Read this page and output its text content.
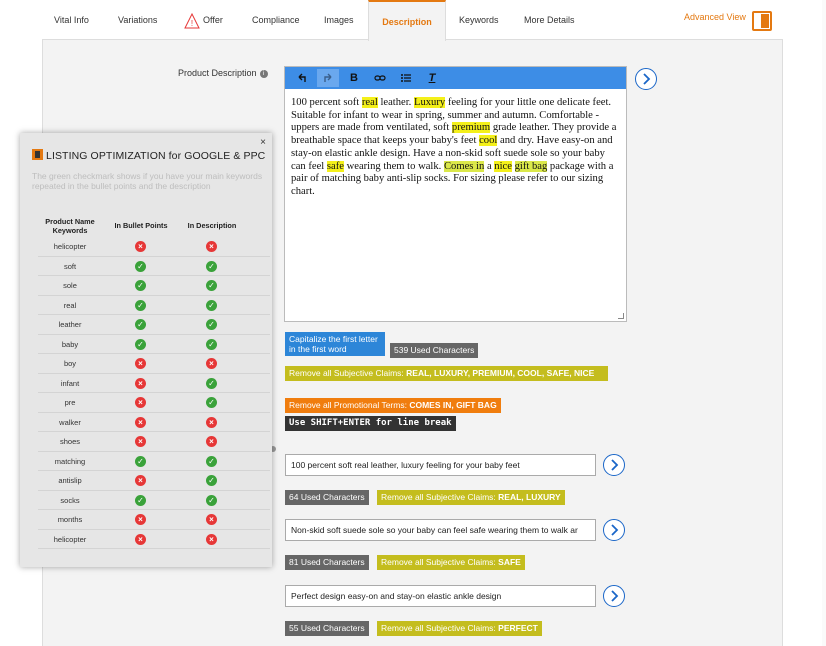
Vital Info	Variations	! Offer	Compliance	Images	Description	Keywords	More Details	Advanced View
Product Description i	B	T
100 percent soft real leather. Luxury feeling for your little one delicate feet. Suitable for infant to wear in spring, summer and autumn. Comfortable - uppers are made from ventilated, soft premium grade leather. They provide a breathable space that keeps your baby's feet cool and dry. Have easy-on and stay-on elastic ankle design. Have a non-skid soft suede sole so your baby can feel safe wearing them to walk. Comes in a nice gift bag package with a pair of matching baby anti-slip socks. For sizing please refer to our sizing chart.
Capitalize the first letter in the first word	539 Used Characters
Remove all Subjective Claims: REAL, LUXURY, PREMIUM, COOL, SAFE, NICE
Remove all Promotional Terms: COMES IN, GIFT BAG
Use SHIFT+ENTER for line break
100 percent soft real leather, luxury feeling for your baby feet
64 Used Characters	Remove all Subjective Claims: REAL, LUXURY
Non-skid soft suede sole so your baby can feel safe wearing them to walk ar
81 Used Characters	Remove all Subjective Claims: SAFE
Perfect design easy-on and stay-on elastic ankle design
55 Used Characters	Remove all Subjective Claims: PERFECT
×
LISTING OPTIMIZATION for GOOGLE & PPC
The green checkmark shows if you have your main keywords repeated in the bullet points and the description
Product Name Keywords
In Bullet Points	In Description
helicopter	×	×
soft	✓	✓
sole	✓	✓
real	✓	✓
leather	✓	✓
baby	✓	✓
boy	×	×
infant	×	✓
pre	×	✓
walker	×	×
shoes	×	×
matching	✓	✓
antislip	×	✓
socks	✓	✓
months	×	×
helicopter	×	×
